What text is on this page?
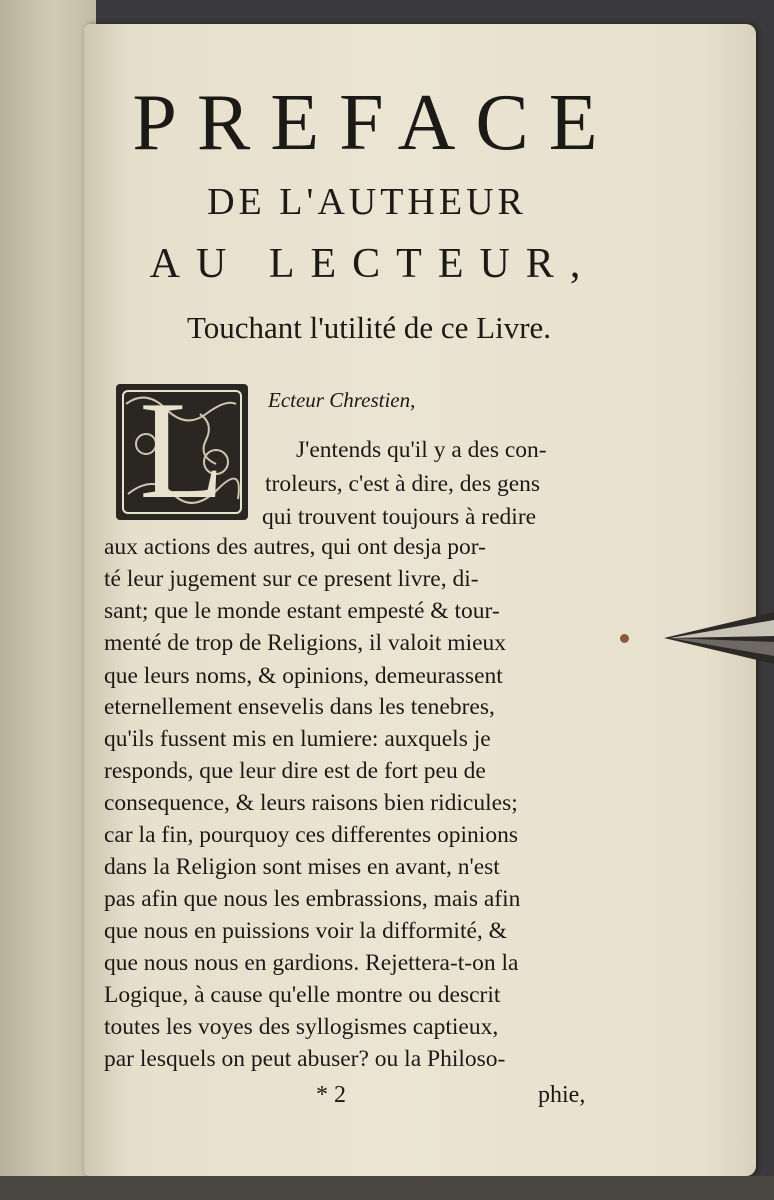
PREFACE
DE L'AUTHEUR
AU LECTEUR,
Touchant l'utilité de ce Livre.
L	Ecteur Chrestien,
J'entends qu'il y a des con-
troleurs, c'est à dire, des gens
qui trouvent toujours à redire
aux actions des autres, qui ont desja por-
té leur jugement sur ce present livre, di-
sant; que le monde estant empesté & tour-
menté de trop de Religions, il valoit mieux
que leurs noms, & opinions, demeurassent
eternellement ensevelis dans les tenebres,
qu'ils fussent mis en lumiere: auxquels je
responds, que leur dire est de fort peu de
consequence, & leurs raisons bien ridicules;
car la fin, pourquoy ces differentes opinions
dans la Religion sont mises en avant, n'est
pas afin que nous les embrassions, mais afin
que nous en puissions voir la difformité, &
que nous nous en gardions. Rejettera-t-on la
Logique, à cause qu'elle montre ou descrit
toutes les voyes des syllogismes captieux,
par lesquels on peut abuser? ou la Philoso-
* 2	phie,
